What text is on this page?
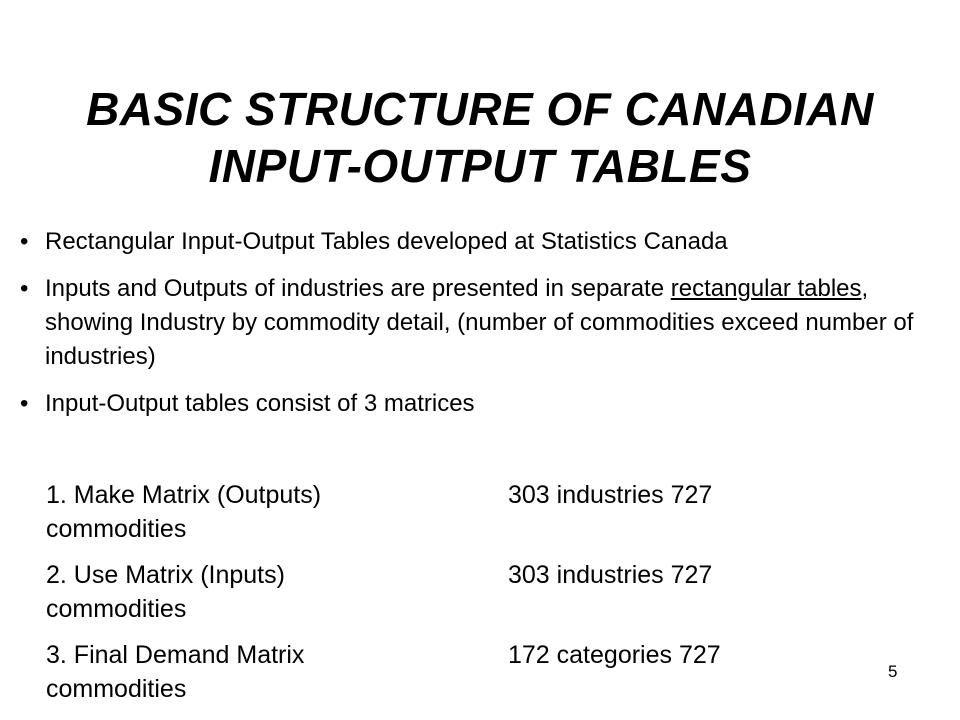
BASIC STRUCTURE OF CANADIAN
INPUT-OUTPUT TABLES
• Rectangular Input-Output Tables developed at Statistics Canada
• Inputs and Outputs of industries are presented in separate rectangular tables, showing Industry by commodity detail, (number of commodities exceed number of industries)
• Input-Output tables consist of 3 matrices
1. Make Matrix (Outputs)	303 industries 727
commodities
2. Use Matrix (Inputs)	303 industries 727
commodities
3. Final Demand Matrix	172 categories 727
commodities
5
